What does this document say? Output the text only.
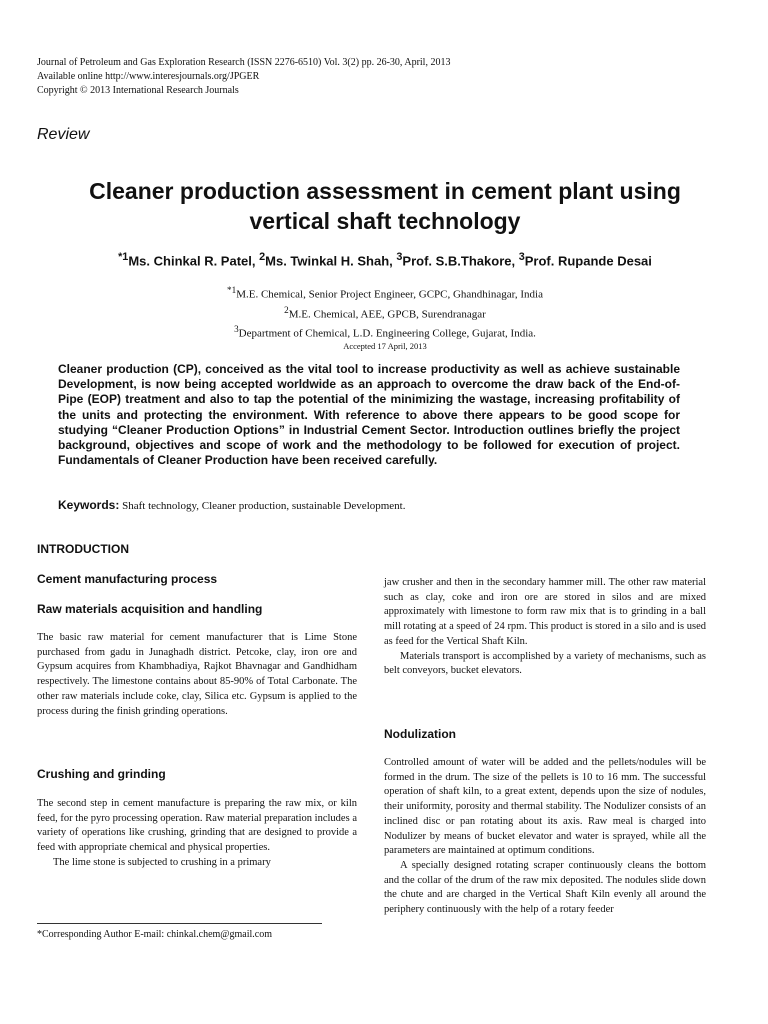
Journal of Petroleum and Gas Exploration Research (ISSN 2276-6510) Vol. 3(2) pp. 26-30, April, 2013
Available online http://www.interesjournals.org/JPGER
Copyright © 2013 International Research Journals
Review
Cleaner production assessment in cement plant using
vertical shaft technology
$^{*1}$Ms. Chinkal R. Patel, $^2$Ms. Twinkal H. Shah, $^3$Prof. S.B.Thakore, $^3$Prof. Rupande Desai
$^{*1}$M.E. Chemical, Senior Project Engineer, GCPC, Ghandhinagar, India
$^2$M.E. Chemical, AEE, GPCB, Surendranagar
$^3$Department of Chemical, L.D. Engineering College, Gujarat, India.
Accepted 17 April, 2013
Cleaner production (CP), conceived as the vital tool to increase productivity as well as achieve sustainable Development, is now being accepted worldwide as an approach to overcome the draw back of the End-of-Pipe (EOP) treatment and also to tap the potential of the minimizing the wastage, increasing profitability of the units and protecting the environment. With reference to above there appears to be good scope for studying “Cleaner Production Options” in Industrial Cement Sector. Introduction outlines briefly the project background, objectives and scope of work and the methodology to be followed for execution of project. Fundamentals of Cleaner Production have been received carefully.
Keywords: Shaft technology, Cleaner production, sustainable Development.
INTRODUCTION
Cement manufacturing process
Raw materials acquisition and handling

The basic raw material for cement manufacturer that is Lime Stone purchased from gadu in Junaghadh district. Petcoke, clay, iron ore and Gypsum acquires from Khambhadiya, Rajkot Bhavnagar and Gandhidham respectively. The limestone contains about 85-90% of Total Carbonate. The other raw materials include coke, clay, Silica etc. Gypsum is applied to the process during the finish grinding operations.

Crushing and grinding

The second step in cement manufacture is preparing the raw mix, or kiln feed, for the pyro processing operation. Raw material preparation includes a variety of operations like crushing, grinding that are designed to provide a feed with appropriate chemical and physical properties.

The lime stone is subjected to crushing in a primary

*Corresponding Author E-mail: chinkal.chem@gmail.com

jaw crusher and then in the secondary hammer mill. The other raw material such as clay, coke and iron ore are stored in silos and are mixed approximately with limestone to form raw mix that is to grinding in a ball mill rotating at a speed of 24 rpm. This product is stored in a silo and is used as feed for the Vertical Shaft Kiln.

Materials transport is accomplished by a variety of mechanisms, such as belt conveyors, bucket elevators.

Nodulization

Controlled amount of water will be added and the pellets/nodules will be formed in the drum. The size of the pellets is 10 to 16 mm. The successful operation of shaft kiln, to a great extent, depends upon the size of nodules, their uniformity, porosity and thermal stability. The Nodulizer consists of an inclined disc or pan rotating about its axis. Raw meal is charged into Nodulizer by means of bucket elevator and water is sprayed, while all the parameters are maintained at optimum conditions.

A specially designed rotating scraper continuously cleans the bottom and the collar of the drum of the raw mix deposited. The nodules slide down the chute and are charged in the Vertical Shaft Kiln evenly all around the periphery continuously with the help of a rotary feeder
